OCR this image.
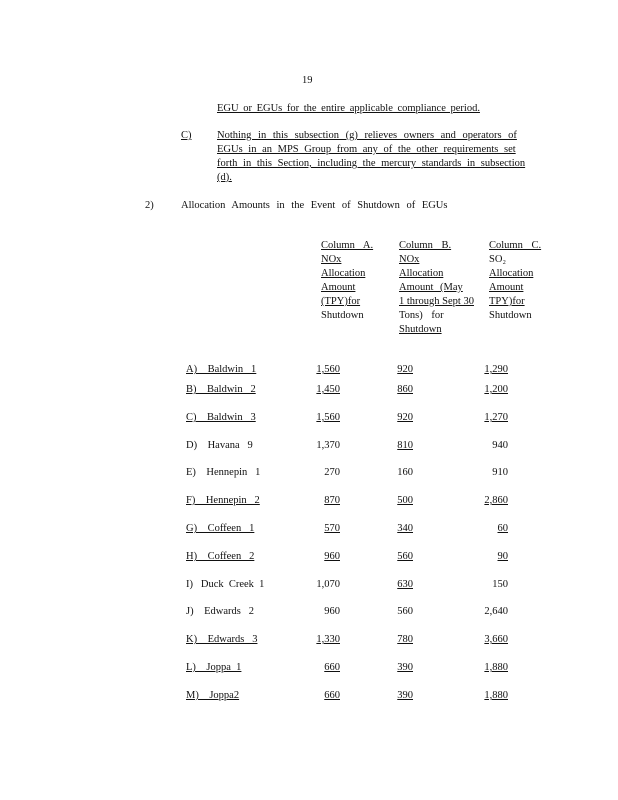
19
EGU or EGUs for the entire applicable compliance period.
C) Nothing in this subsection (g) relieves owners and operators of
EGUs in an MPS Group from any of the other requirements set
forth in this Section, including the mercury standards in subsection
(d).
2)	Allocation Amounts in the Event of Shutdown of EGUs
Column A.
NOx
Allocation
Amount
(TPY)for
Shutdown
Column B.
NOx
Allocation
Amount (May
1 through Sept 30
Tons) for
Shutdown
Column C.
SO₂
Allocation
Amount
TPY)for
Shutdown
A)    Baldwin   1	1,560	920	1,290
B)    Baldwin   2	1,450	860	1,200
C)    Baldwin   3	1,560	920	1,270
D)    Havana   9	1,370	810	940
E)    Hennepin   1	270	160	910
F)    Hennepin   2	870	500	2,860
G)    Coffeen   1	570	340	60
H)    Coffeen   2	960	560	90
I)   Duck  Creek  1	1,070	630	150
J)    Edwards   2	960	560	2,640
K)    Edwards   3	1,330	780	3,660
L)    Joppa  1	660	390	1,880
M)    Joppa2	660	390	1,880
